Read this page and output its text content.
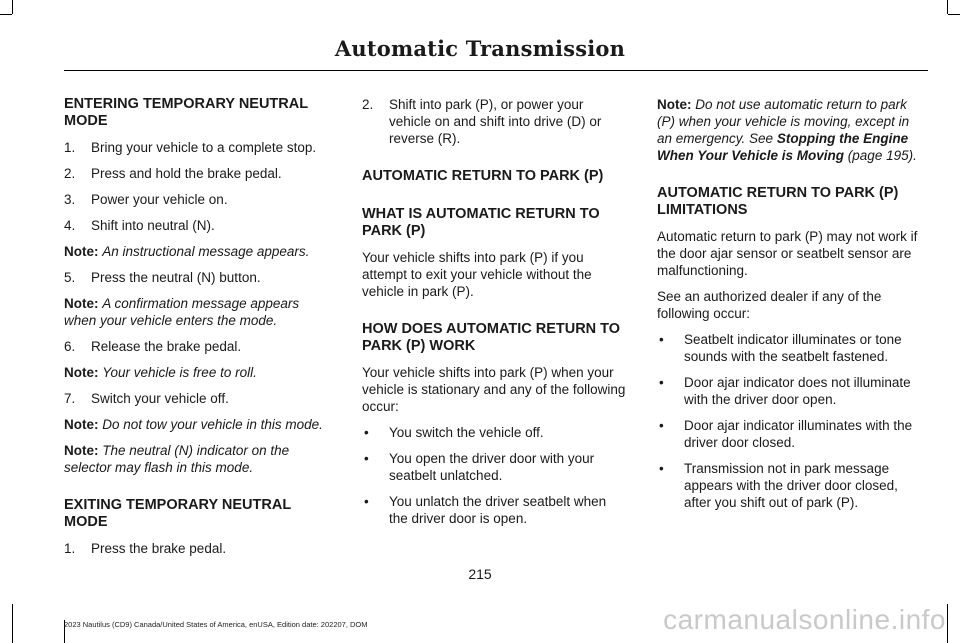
Automatic Transmission
ENTERING TEMPORARY NEUTRAL MODE
1.	Bring your vehicle to a complete stop.
2.	Press and hold the brake pedal.
3.	Power your vehicle on.
4.	Shift into neutral (N).

Note: An instructional message appears.

5.	Press the neutral (N) button.

Note: A confirmation message appears when your vehicle enters the mode.

6.	Release the brake pedal.

Note: Your vehicle is free to roll.

7.	Switch your vehicle off.

Note: Do not tow your vehicle in this mode.

Note: The neutral (N) indicator on the selector may flash in this mode.

EXITING TEMPORARY NEUTRAL MODE
1.	Press the brake pedal.
2.	Shift into park (P), or power your vehicle on and shift into drive (D) or reverse (R).
AUTOMATIC RETURN TO PARK (P)
WHAT IS AUTOMATIC RETURN TO PARK (P)

Your vehicle shifts into park (P) if you attempt to exit your vehicle without the vehicle in park (P).

HOW DOES AUTOMATIC RETURN TO PARK (P) WORK

Your vehicle shifts into park (P) when your vehicle is stationary and any of the following occur:

•	You switch the vehicle off.
•	You open the driver door with your seatbelt unlatched.
•	You unlatch the driver seatbelt when the driver door is open.

Note: Do not use automatic return to park (P) when your vehicle is moving, except in an emergency. See Stopping the Engine When Your Vehicle is Moving (page 195).

AUTOMATIC RETURN TO PARK (P) LIMITATIONS

Automatic return to park (P) may not work if the door ajar sensor or seatbelt sensor are malfunctioning.

See an authorized dealer if any of the following occur:

•	Seatbelt indicator illuminates or tone sounds with the seatbelt fastened.
•	Door ajar indicator does not illuminate with the driver door open.
•	Door ajar indicator illuminates with the driver door closed.
•	Transmission not in park message appears with the driver door closed, after you shift out of park (P).
215
2023 Nautilus (CD9) Canada/United States of America, enUSA, Edition date: 202207, DOM	carmanualsonline.info
